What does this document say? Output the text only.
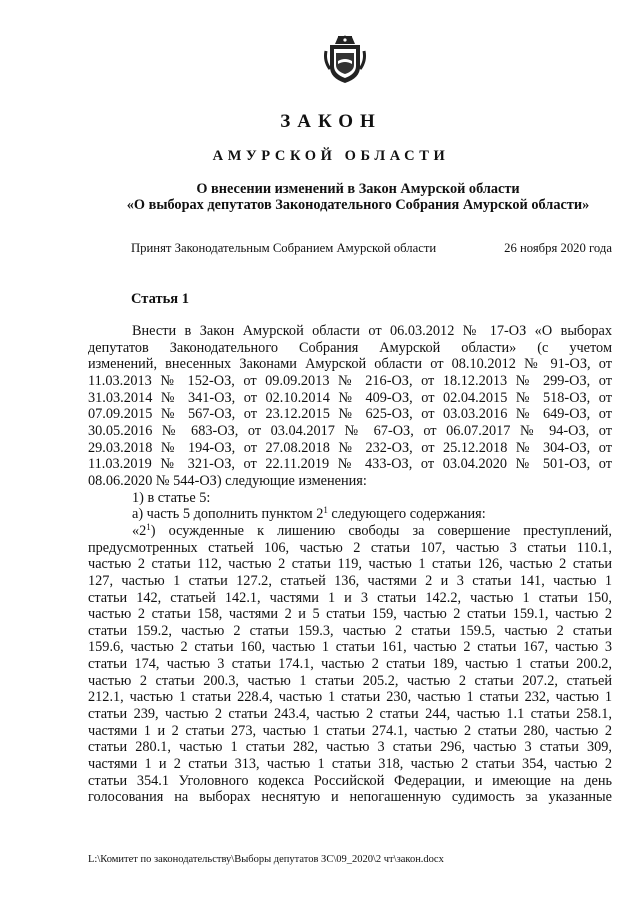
ЗАКОН
АМУРСКОЙ ОБЛАСТИ
О внесении изменений в Закон Амурской области
«О выборах депутатов Законодательного Собрания Амурской области»
Принят Законодательным Собранием Амурской области	26 ноября 2020 года
Статья 1

Внести в Закон Амурской области от 06.03.2012 № 17-ОЗ «О выборах

депутатов Законодательного Собрания Амурской области» (с учетом

изменений, внесенных Законами Амурской области от 08.10.2012 № 91-ОЗ, от

11.03.2013 № 152-ОЗ, от 09.09.2013 № 216-ОЗ, от 18.12.2013 № 299-ОЗ, от

31.03.2014 № 341-ОЗ, от 02.10.2014 № 409-ОЗ, от 02.04.2015 № 518-ОЗ, от

07.09.2015 № 567-ОЗ, от 23.12.2015 № 625-ОЗ, от 03.03.2016 № 649-ОЗ, от

30.05.2016 № 683-ОЗ, от 03.04.2017 № 67-ОЗ, от 06.07.2017 № 94-ОЗ, от

29.03.2018 № 194-ОЗ, от 27.08.2018 № 232-ОЗ, от 25.12.2018 № 304-ОЗ, от

11.03.2019 № 321-ОЗ, от 22.11.2019 № 433-ОЗ, от 03.04.2020 № 501-ОЗ, от

08.06.2020 № 544-ОЗ) следующие изменения:

1) в статье 5:

а) часть 5 дополнить пунктом $2^1$ следующего содержания:

«$2^1$) осужденные к лишению свободы за совершение преступлений,

предусмотренных статьей 106, частью 2 статьи 107, частью 3 статьи 110.1,

частью 2 статьи 112, частью 2 статьи 119, частью 1 статьи 126, частью 2 статьи

127, частью 1 статьи 127.2, статьей 136, частями 2 и 3 статьи 141, частью 1

статьи 142, статьей 142.1, частями 1 и 3 статьи 142.2, частью 1 статьи 150,

частью 2 статьи 158, частями 2 и 5 статьи 159, частью 2 статьи 159.1, частью 2

статьи 159.2, частью 2 статьи 159.3, частью 2 статьи 159.5, частью 2 статьи

159.6, частью 2 статьи 160, частью 1 статьи 161, частью 2 статьи 167, частью 3

статьи 174, частью 3 статьи 174.1, частью 2 статьи 189, частью 1 статьи 200.2,

частью 2 статьи 200.3, частью 1 статьи 205.2, частью 2 статьи 207.2, статьей

212.1, частью 1 статьи 228.4, частью 1 статьи 230, частью 1 статьи 232, частью 1

статьи 239, частью 2 статьи 243.4, частью 2 статьи 244, частью 1.1 статьи 258.1,

частями 1 и 2 статьи 273, частью 1 статьи 274.1, частью 2 статьи 280, частью 2

статьи 280.1, частью 1 статьи 282, частью 3 статьи 296, частью 3 статьи 309,

частями 1 и 2 статьи 313, частью 1 статьи 318, частью 2 статьи 354, частью 2

статьи 354.1 Уголовного кодекса Российской Федерации, и имеющие на день

голосования на выборах неснятую и непогашенную судимость за указанные

L:\Комитет по законодательству\Выборы депутатов ЗС\09_2020\2 чт\закон.docx
